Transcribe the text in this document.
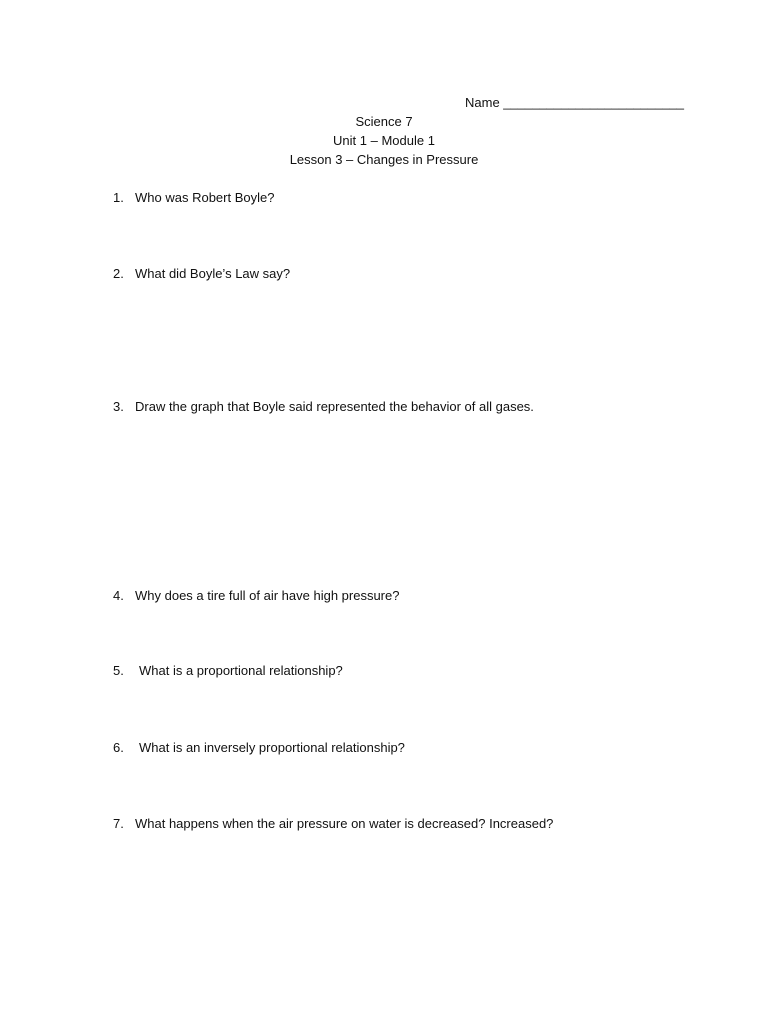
Name _________________________
Science 7
Unit 1 – Module 1
Lesson 3 – Changes in Pressure
1. Who was Robert Boyle?
2. What did Boyle’s Law say?
3. Draw the graph that Boyle said represented the behavior of all gases.
4. Why does a tire full of air have high pressure?
5. What is a proportional relationship?
6. What is an inversely proportional relationship?
7. What happens when the air pressure on water is decreased? Increased?
